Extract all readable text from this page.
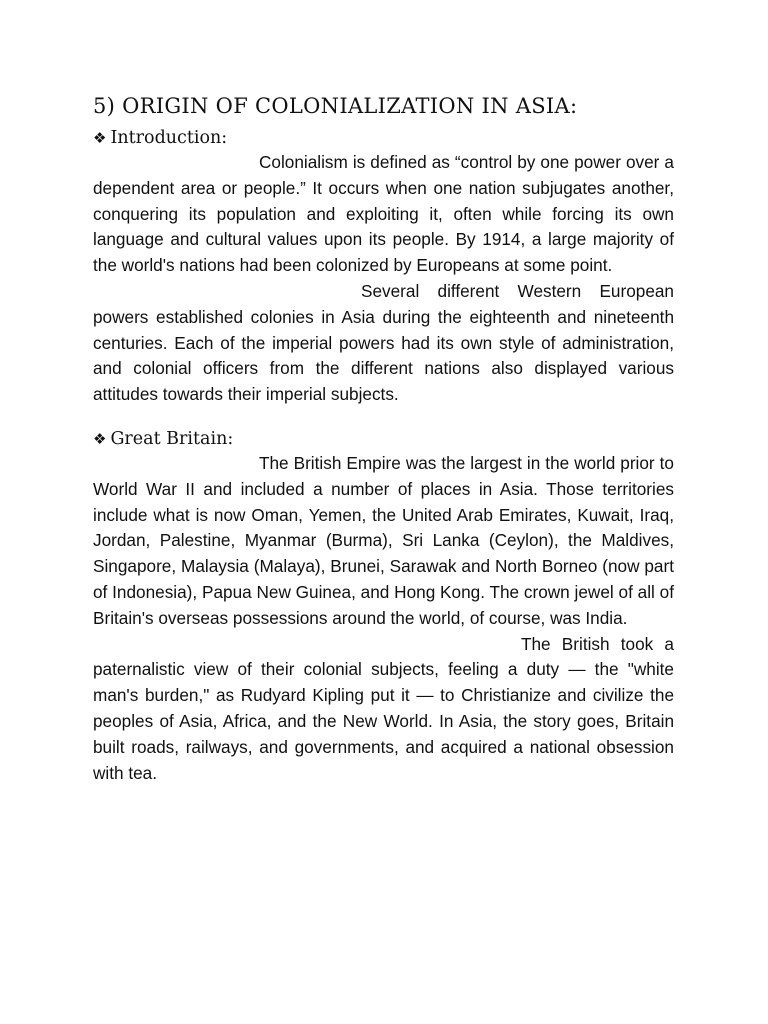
5) ORIGIN OF COLONIALIZATION IN ASIA:
❖ Introduction:

Colonialism is defined as “control by one power over a dependent area or people.” It occurs when one nation subjugates another, conquering its population and exploiting it, often while forcing its own language and cultural values upon its people. By 1914, a large majority of the world's nations had been colonized by Europeans at some point.

Several different Western European powers established colonies in Asia during the eighteenth and nineteenth centuries. Each of the imperial powers had its own style of administration, and colonial officers from the different nations also displayed various attitudes towards their imperial subjects.

❖ Great Britain:

The British Empire was the largest in the world prior to World War II and included a number of places in Asia. Those territories include what is now Oman, Yemen, the United Arab Emirates, Kuwait, Iraq, Jordan, Palestine, Myanmar (Burma), Sri Lanka (Ceylon), the Maldives, Singapore, Malaysia (Malaya), Brunei, Sarawak and North Borneo (now part of Indonesia), Papua New Guinea, and Hong Kong. The crown jewel of all of Britain's overseas possessions around the world, of course, was India.

The British took a paternalistic view of their colonial subjects, feeling a duty — the "white man's burden," as Rudyard Kipling put it — to Christianize and civilize the peoples of Asia, Africa, and the New World. In Asia, the story goes, Britain built roads, railways, and governments, and acquired a national obsession with tea.
